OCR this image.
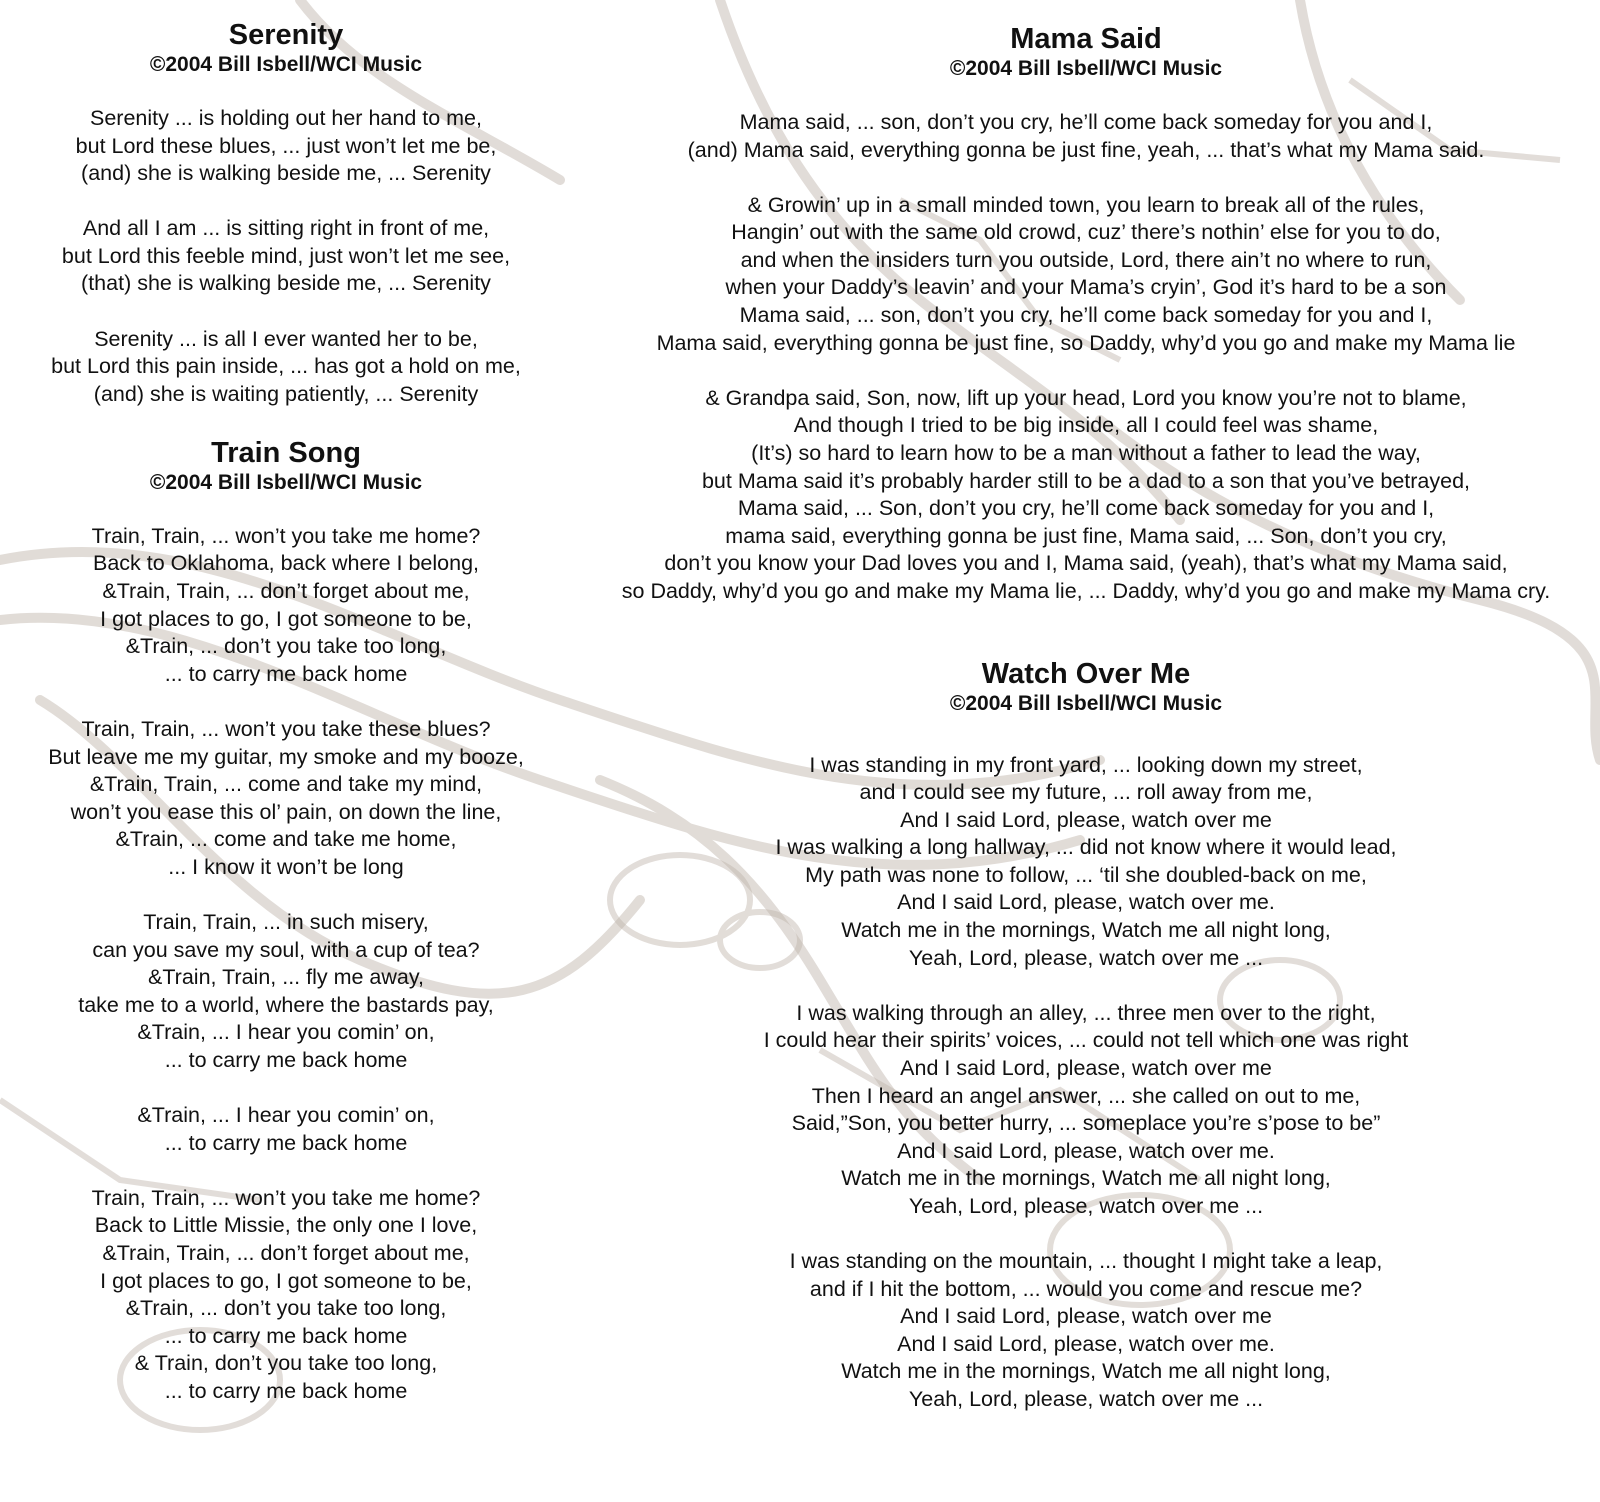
Serenity
©2004 Bill Isbell/WCI Music
Serenity ... is holding out her hand to me,
but Lord these blues, ... just won’t let me be,
(and) she is walking beside me, ... Serenity
And all I am ... is sitting right in front of me,
but Lord this feeble mind, just won’t let me see,
(that) she is walking beside me, ... Serenity
Serenity ... is all I ever wanted her to be,
but Lord this pain inside, ... has got a hold on me,
(and) she is waiting patiently, ... Serenity
Train Song
©2004 Bill Isbell/WCI Music
Train, Train, ... won’t you take me home?
Back to Oklahoma, back where I belong,
&Train, Train, ... don’t forget about me,
I got places to go, I got someone to be,
&Train, ... don’t you take too long,
... to carry me back home
Train, Train, ... won’t you take these blues?
But leave me my guitar, my smoke and my booze,
&Train, Train, ... come and take my mind,
won’t you ease this ol’ pain, on down the line,
&Train, ... come and take me home,
... I know it won’t be long
Train, Train, ... in such misery,
can you save my soul, with a cup of tea?
&Train, Train, ... fly me away,
take me to a world, where the bastards pay,
&Train, ... I hear you comin’ on,
... to carry me back home
&Train, ... I hear you comin’ on,
... to carry me back home
Train, Train, ... won’t you take me home?
Back to Little Missie, the only one I love,
&Train, Train, ... don’t forget about me,
I got places to go, I got someone to be,
&Train, ... don’t you take too long,
... to carry me back home
& Train, don’t you take too long,
... to carry me back home
Mama Said
©2004 Bill Isbell/WCI Music
Mama said, ... son, don’t you cry, he’ll come back someday for you and I,
(and) Mama said, everything gonna be just fine, yeah, ... that’s what my Mama said.
& Growin’ up in a small minded town, you learn to break all of the rules,
Hangin’ out with the same old crowd, cuz’ there’s nothin’ else for you to do,
and when the insiders turn you outside, Lord, there ain’t no where to run,
when your Daddy’s leavin’ and your Mama’s cryin’, God it’s hard to be a son
Mama said, ... son, don’t you cry, he’ll come back someday for you and I,
Mama said, everything gonna be just fine, so Daddy, why’d you go and make my Mama lie
& Grandpa said, Son, now, lift up your head, Lord you know you’re not to blame,
And though I tried to be big inside, all I could feel was shame,
(It’s) so hard to learn how to be a man without a father to lead the way,
but Mama said it’s probably harder still to be a dad to a son that you’ve betrayed,
Mama said, ... Son, don’t you cry, he’ll come back someday for you and I,
mama said, everything gonna be just fine, Mama said, ... Son, don’t you cry,
don’t you know your Dad loves you and I, Mama said, (yeah), that’s what my Mama said,
so Daddy, why’d you go and make my Mama lie, ... Daddy, why’d you go and make my Mama cry.
Watch Over Me
©2004 Bill Isbell/WCI Music
I was standing in my front yard, ... looking down my street,
and I could see my future, ... roll away from me,
And I said Lord, please, watch over me
I was walking a long hallway, ... did not know where it would lead,
My path was none to follow, ... ‘til she doubled-back on me,
And I said Lord, please, watch over me.
Watch me in the mornings, Watch me all night long,
Yeah, Lord, please, watch over me ...
I was walking through an alley, ... three men over to the right,
I could hear their spirits’ voices, ... could not tell which one was right
And I said Lord, please, watch over me
Then I heard an angel answer, ... she called on out to me,
Said,”Son, you better hurry, ... someplace you’re s’pose to be”
And I said Lord, please, watch over me.
Watch me in the mornings, Watch me all night long,
Yeah, Lord, please, watch over me ...
I was standing on the mountain, ... thought I might take a leap,
and if I hit the bottom, ... would you come and rescue me?
And I said Lord, please, watch over me
And I said Lord, please, watch over me.
Watch me in the mornings, Watch me all night long,
Yeah, Lord, please, watch over me ...
